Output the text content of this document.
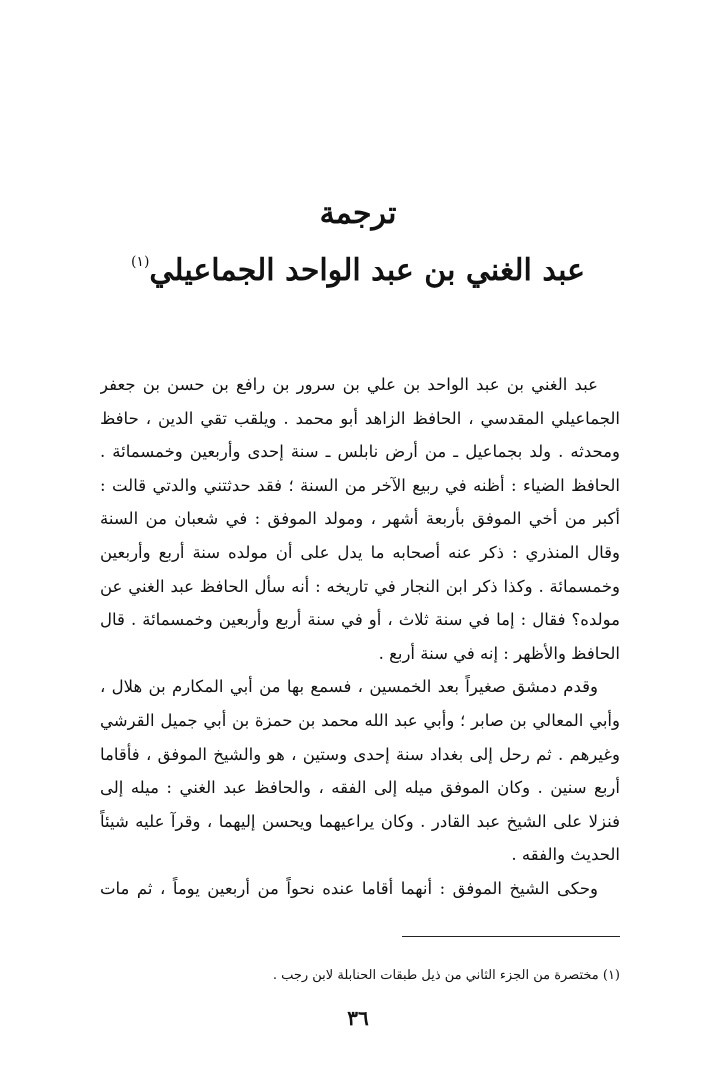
ترجمة
عبد الغني بن عبد الواحد الجماعيلي$^{(١)}$
عبد الغني بن عبد الواحد بن علي بن سرور بن رافع بن حسن بن جعفر
الجماعيلي المقدسي ، الحافظ الزاهد أبو محمد . ويلقب تقي الدين ، حافظ
ومحدثه . ولد بجماعيل ـ من أرض نابلس ـ سنة إحدى وأربعين وخمسمائة .
الحافظ الضياء : أظنه في ربيع الآخر من السنة ؛ فقد حدثتني والدتي قالت :
أكبر من أخي الموفق بأربعة أشهر ، ومولد الموفق : في شعبان من السنة
وقال المنذري : ذكر عنه أصحابه ما يدل على أن مولده سنة أربع وأربعين
وخمسمائة . وكذا ذكر ابن النجار في تاريخه : أنه سأل الحافظ عبد الغني عن
مولده؟ فقال : إما في سنة ثلاث ، أو في سنة أربع وأربعين وخمسمائة . قال
الحافظ والأظهر : إنه في سنة أربع .
وقدم دمشق صغيراً بعد الخمسين ، فسمع بها من أبي المكارم بن هلال ،
وأبي المعالي بن صابر ؛ وأبي عبد الله محمد بن حمزة بن أبي جميل القرشي
وغيرهم . ثم رحل إلى بغداد سنة إحدى وستين ، هو والشيخ الموفق ، فأقاما
أربع سنين . وكان الموفق ميله إلى الفقه ، والحافظ عبد الغني : ميله إلى
فنزلا على الشيخ عبد القادر . وكان يراعيهما ويحسن إليهما ، وقرآ عليه شيئاً
الحديث والفقه .
وحكى الشيخ الموفق : أنهما أقاما عنده نحواً من أربعين يوماً ، ثم مات
(١) مختصرة من الجزء الثاني من ذيل طبقات الحنابلة لابن رجب .
٣٦
